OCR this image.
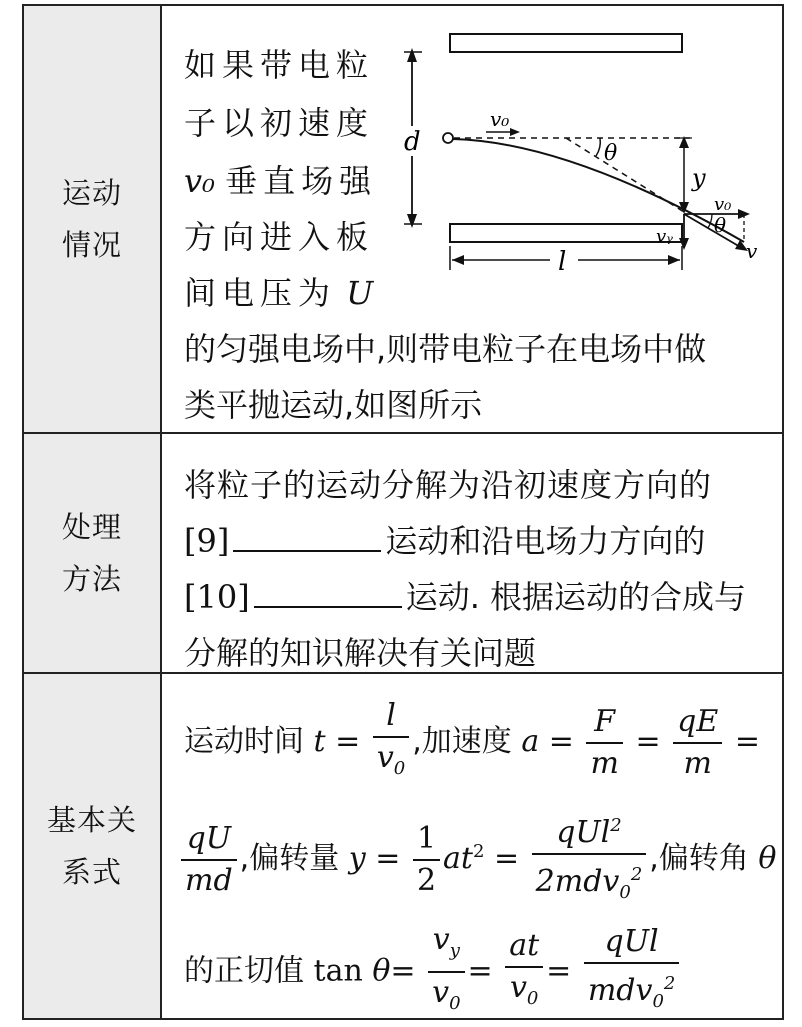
运动
情况
如果带电粒
子以初速度
v₀ 垂直场强
方向进入板
间电压为 U
的匀强电场中,则带电粒子在电场中做
类平抛运动,如图所示
d
v₀
θ
y
θ
v₀
vᵧ
v
l
处理
方法
将粒子的运动分解为沿初速度方向的
[9]	运动和沿电场力方向的
[10]	运动. 根据运动的合成与
分解的知识解决有关问题
基本关
系式
运动时间 $t = \frac{l}{v_0}$ ,加速度 $a = \frac{F}{m} = \frac{qE}{m}$ =
$\frac{qU}{md}$ ,偏转量 $y = \frac{1}{2} at^2 = \frac{qUl^2}{2mdv_0^2}$ ,偏转角 θ
的正切值 $\tan \theta= \frac{v_y}{v_0} = \frac{at}{v_0} = \frac{\text{qUl}}{mdv_0^2}$
